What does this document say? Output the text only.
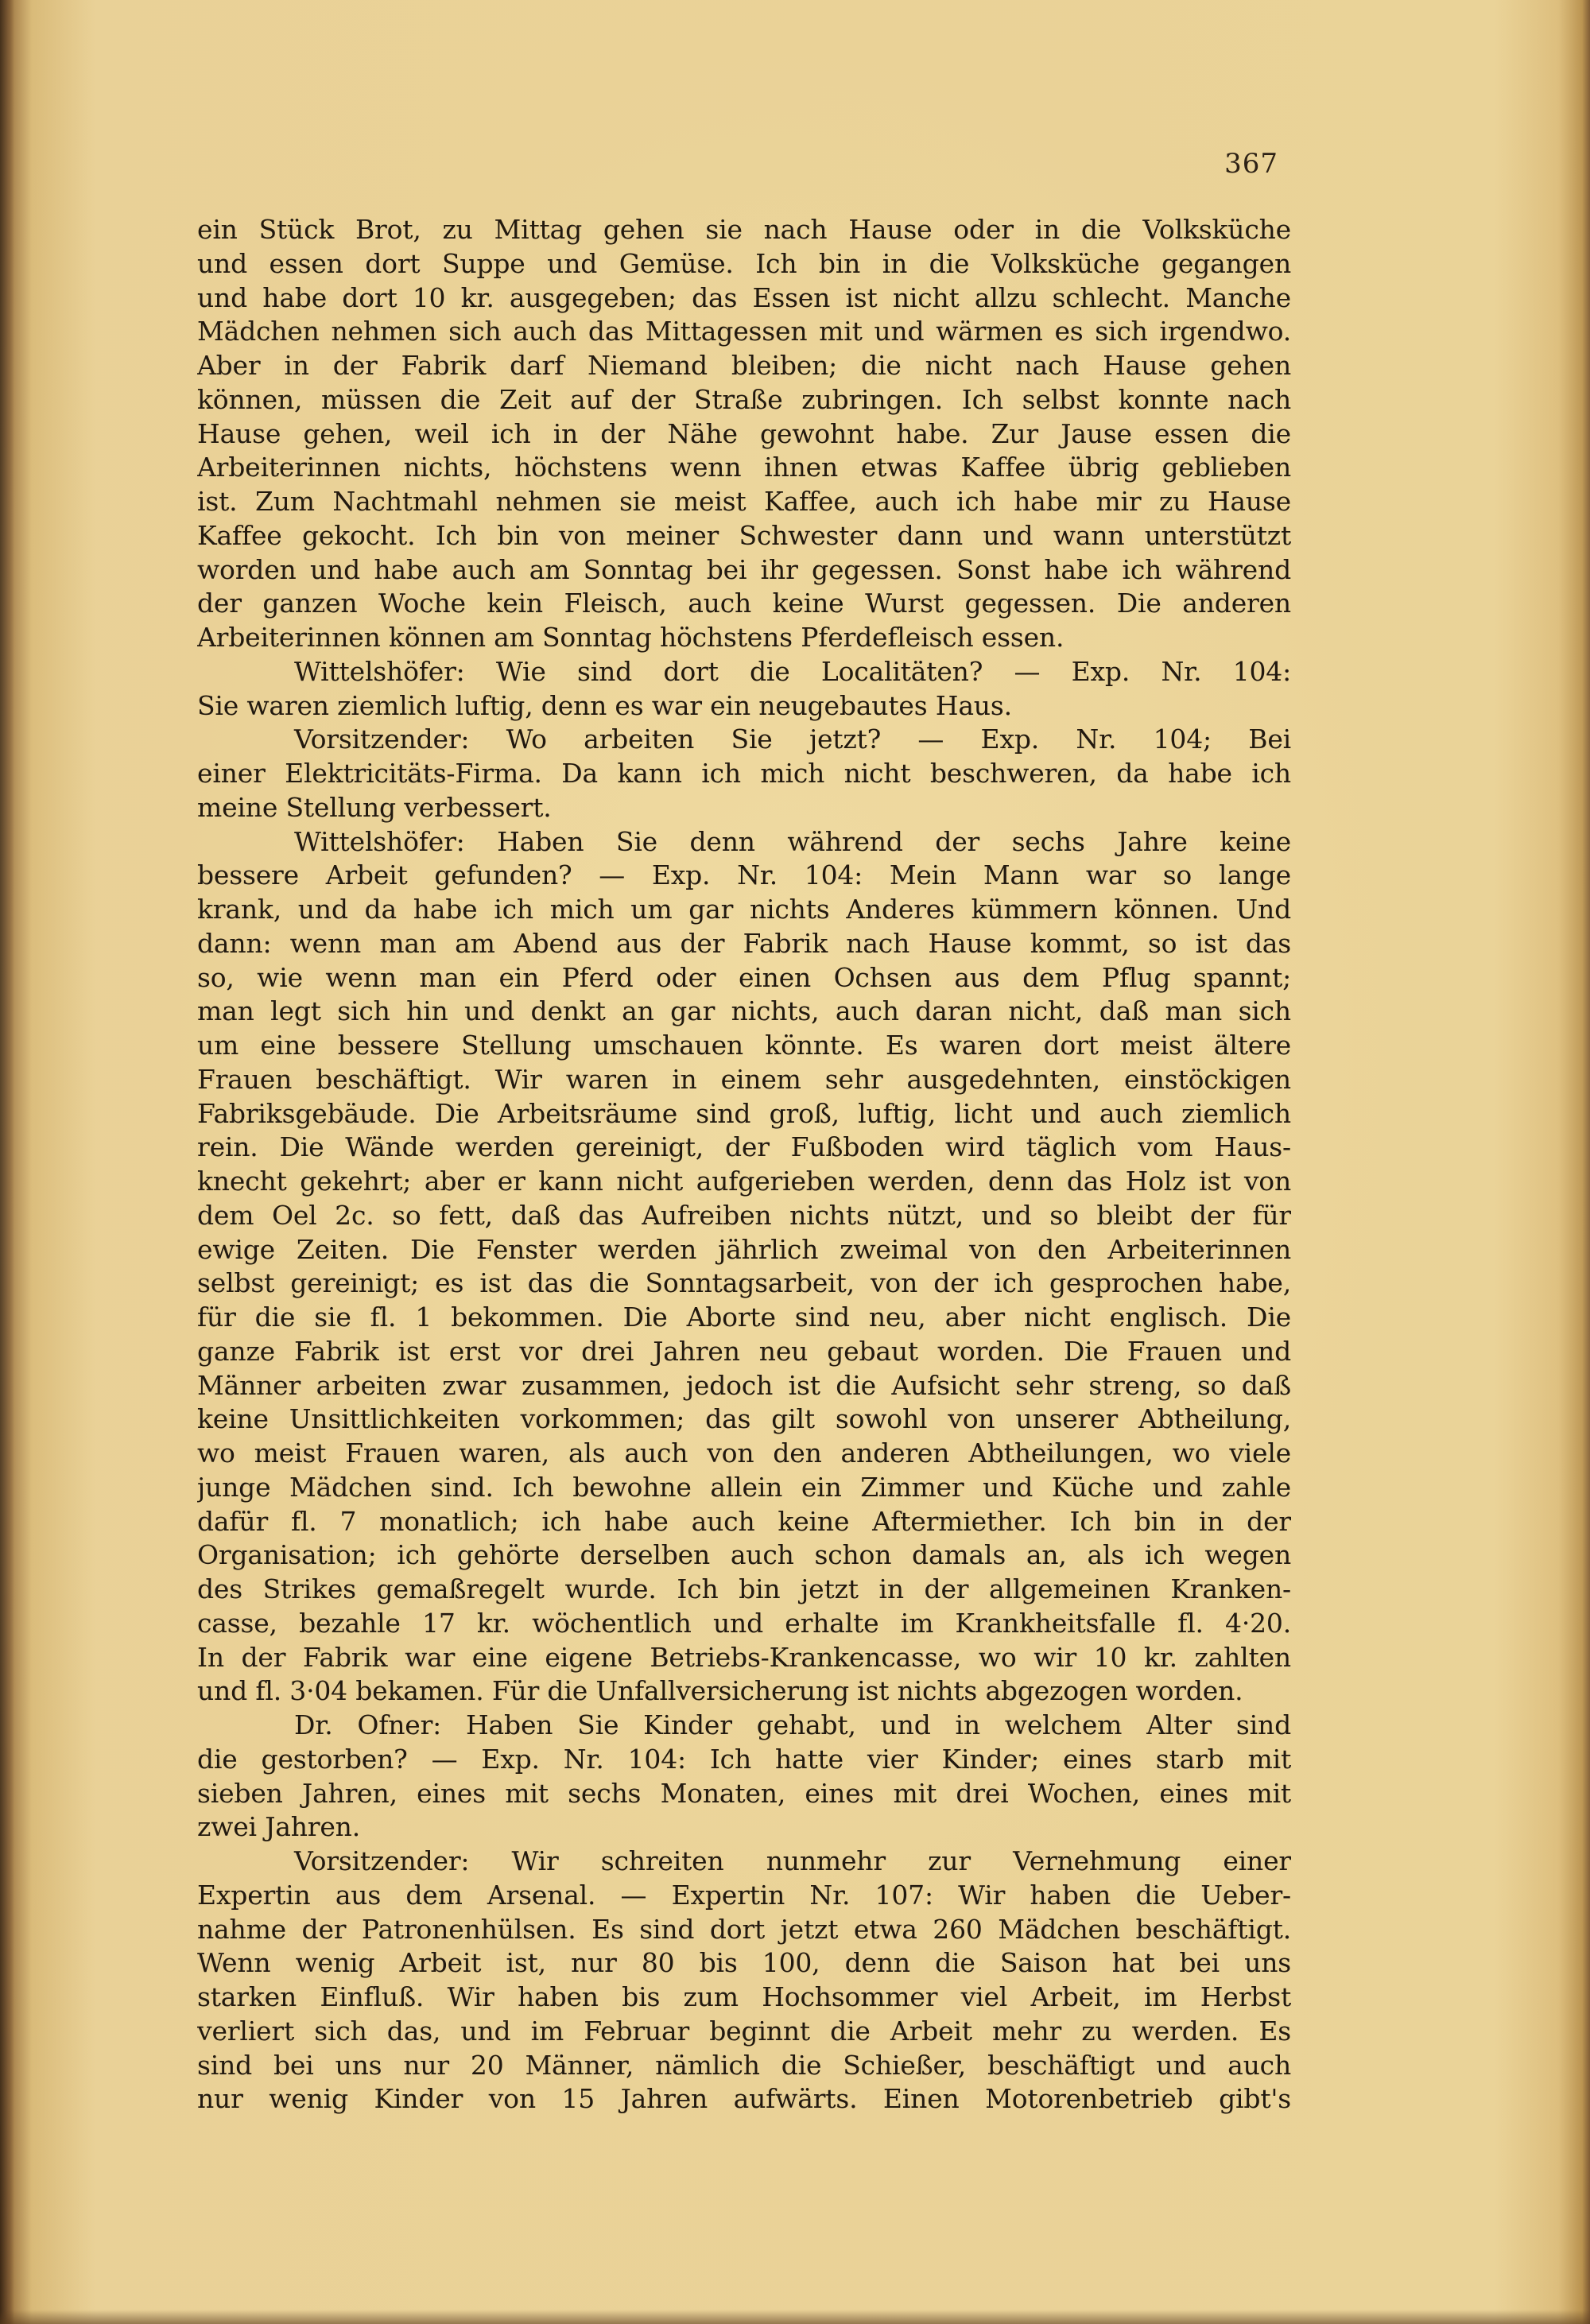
367
ein Stück Brot, zu Mittag gehen sie nach Hause oder in die Volksküche
und essen dort Suppe und Gemüse. Ich bin in die Volksküche gegangen
und habe dort 10 kr. ausgegeben; das Essen ist nicht allzu schlecht. Manche
Mädchen nehmen sich auch das Mittagessen mit und wärmen es sich irgendwo.
Aber in der Fabrik darf Niemand bleiben; die nicht nach Hause gehen
können, müssen die Zeit auf der Straße zubringen. Ich selbst konnte nach
Hause gehen, weil ich in der Nähe gewohnt habe. Zur Jause essen die
Arbeiterinnen nichts, höchstens wenn ihnen etwas Kaffee übrig geblieben
ist. Zum Nachtmahl nehmen sie meist Kaffee, auch ich habe mir zu Hause
Kaffee gekocht. Ich bin von meiner Schwester dann und wann unterstützt
worden und habe auch am Sonntag bei ihr gegessen. Sonst habe ich während
der ganzen Woche kein Fleisch, auch keine Wurst gegessen. Die anderen
Arbeiterinnen können am Sonntag höchstens Pferdefleisch essen.
Wittelshöfer: Wie sind dort die Localitäten? — Exp. Nr. 104:
Sie waren ziemlich luftig, denn es war ein neugebautes Haus.
Vorsitzender: Wo arbeiten Sie jetzt? — Exp. Nr. 104; Bei
einer Elektricitäts-Firma. Da kann ich mich nicht beschweren, da habe ich
meine Stellung verbessert.
Wittelshöfer: Haben Sie denn während der sechs Jahre keine
bessere Arbeit gefunden? — Exp. Nr. 104: Mein Mann war so lange
krank, und da habe ich mich um gar nichts Anderes kümmern können. Und
dann: wenn man am Abend aus der Fabrik nach Hause kommt, so ist das
so, wie wenn man ein Pferd oder einen Ochsen aus dem Pflug spannt;
man legt sich hin und denkt an gar nichts, auch daran nicht, daß man sich
um eine bessere Stellung umschauen könnte. Es waren dort meist ältere
Frauen beschäftigt. Wir waren in einem sehr ausgedehnten, einstöckigen
Fabriksgebäude. Die Arbeitsräume sind groß, luftig, licht und auch ziemlich
rein. Die Wände werden gereinigt, der Fußboden wird täglich vom Haus-
knecht gekehrt; aber er kann nicht aufgerieben werden, denn das Holz ist von
dem Oel 2c. so fett, daß das Aufreiben nichts nützt, und so bleibt der für
ewige Zeiten. Die Fenster werden jährlich zweimal von den Arbeiterinnen
selbst gereinigt; es ist das die Sonntagsarbeit, von der ich gesprochen habe,
für die sie fl. 1 bekommen. Die Aborte sind neu, aber nicht englisch. Die
ganze Fabrik ist erst vor drei Jahren neu gebaut worden. Die Frauen und
Männer arbeiten zwar zusammen, jedoch ist die Aufsicht sehr streng, so daß
keine Unsittlichkeiten vorkommen; das gilt sowohl von unserer Abtheilung,
wo meist Frauen waren, als auch von den anderen Abtheilungen, wo viele
junge Mädchen sind. Ich bewohne allein ein Zimmer und Küche und zahle
dafür fl. 7 monatlich; ich habe auch keine Aftermiether. Ich bin in der
Organisation; ich gehörte derselben auch schon damals an, als ich wegen
des Strikes gemaßregelt wurde. Ich bin jetzt in der allgemeinen Kranken-
casse, bezahle 17 kr. wöchentlich und erhalte im Krankheitsfalle fl. 4·20.
In der Fabrik war eine eigene Betriebs-Krankencasse, wo wir 10 kr. zahlten
und fl. 3·04 bekamen. Für die Unfallversicherung ist nichts abgezogen worden.
Dr. Ofner: Haben Sie Kinder gehabt, und in welchem Alter sind
die gestorben? — Exp. Nr. 104: Ich hatte vier Kinder; eines starb mit
sieben Jahren, eines mit sechs Monaten, eines mit drei Wochen, eines mit
zwei Jahren.
Vorsitzender: Wir schreiten nunmehr zur Vernehmung einer
Expertin aus dem Arsenal. — Expertin Nr. 107: Wir haben die Ueber-
nahme der Patronenhülsen. Es sind dort jetzt etwa 260 Mädchen beschäftigt.
Wenn wenig Arbeit ist, nur 80 bis 100, denn die Saison hat bei uns
starken Einfluß. Wir haben bis zum Hochsommer viel Arbeit, im Herbst
verliert sich das, und im Februar beginnt die Arbeit mehr zu werden. Es
sind bei uns nur 20 Männer, nämlich die Schießer, beschäftigt und auch
nur wenig Kinder von 15 Jahren aufwärts. Einen Motorenbetrieb gibt's
